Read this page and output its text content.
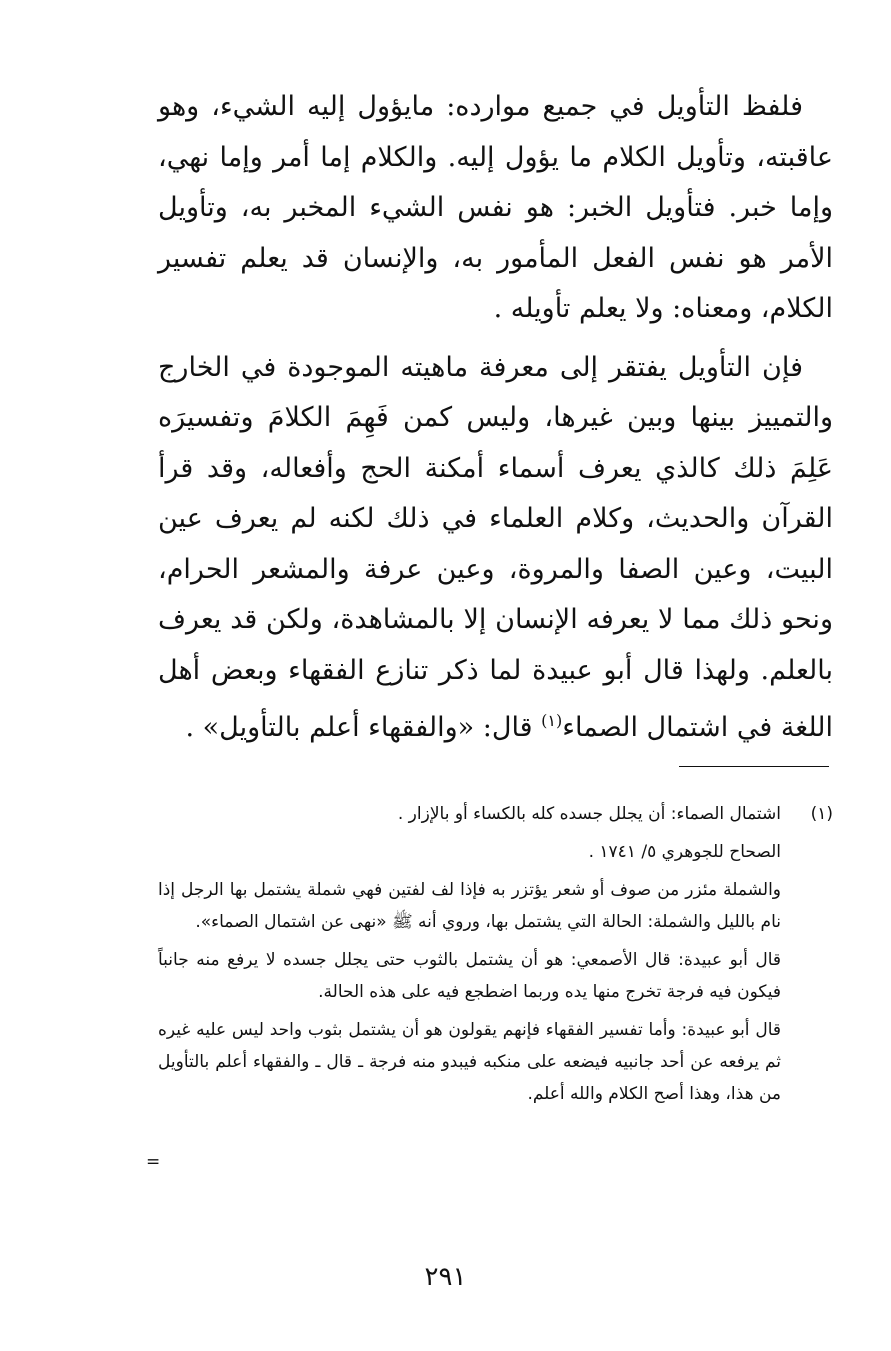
فلفظ التأويل في جميع موارده: مايؤول إليه الشيء، وهو عاقبته، وتأويل الكلام ما يؤول إليه. والكلام إما أمر وإما نهي، وإما خبر. فتأويل الخبر: هو نفس الشيء المخبر به، وتأويل الأمر هو نفس الفعل المأمور به، والإنسان قد يعلم تفسير الكلام، ومعناه: ولا يعلم تأويله .

فإن التأويل يفتقر إلى معرفة ماهيته الموجودة في الخارج والتمييز بينها وبين غيرها، وليس كمن فَهِمَ الكلامَ وتفسيرَه عَلِمَ ذلك كالذي يعرف أسماء أمكنة الحج وأفعاله، وقد قرأ القرآن والحديث، وكلام العلماء في ذلك لكنه لم يعرف عين البيت، وعين الصفا والمروة، وعين عرفة والمشعر الحرام، ونحو ذلك مما لا يعرفه الإنسان إلا بالمشاهدة، ولكن قد يعرف بالعلم. ولهذا قال أبو عبيدة لما ذكر تنازع الفقهاء وبعض أهل اللغة في اشتمال الصماء$^{(١)}$ قال: «والفقهاء أعلم بالتأويل» .

(١)

اشتمال الصماء: أن يجلل جسده كله بالكساء أو بالإزار .

الصحاح للجوهري ٥/ ١٧٤١ .

والشملة مئزر من صوف أو شعر يؤتزر به فإذا لف لفتين فهي شملة يشتمل بها الرجل إذا نام بالليل والشملة: الحالة التي يشتمل بها، وروي أنه ﷺ «نهى عن اشتمال الصماء».

قال أبو عبيدة: قال الأصمعي: هو أن يشتمل بالثوب حتى يجلل جسده لا يرفع منه جانباً فيكون فيه فرجة تخرج منها يده وربما اضطجع فيه على هذه الحالة.

قال أبو عبيدة: وأما تفسير الفقهاء فإنهم يقولون هو أن يشتمل بثوب واحد ليس عليه غيره ثم يرفعه عن أحد جانبيه فيضعه على منكبه فيبدو منه فرجة ـ قال ـ والفقهاء أعلم بالتأويل من هذا، وهذا أصح الكلام والله أعلم.

=
٢٩١
